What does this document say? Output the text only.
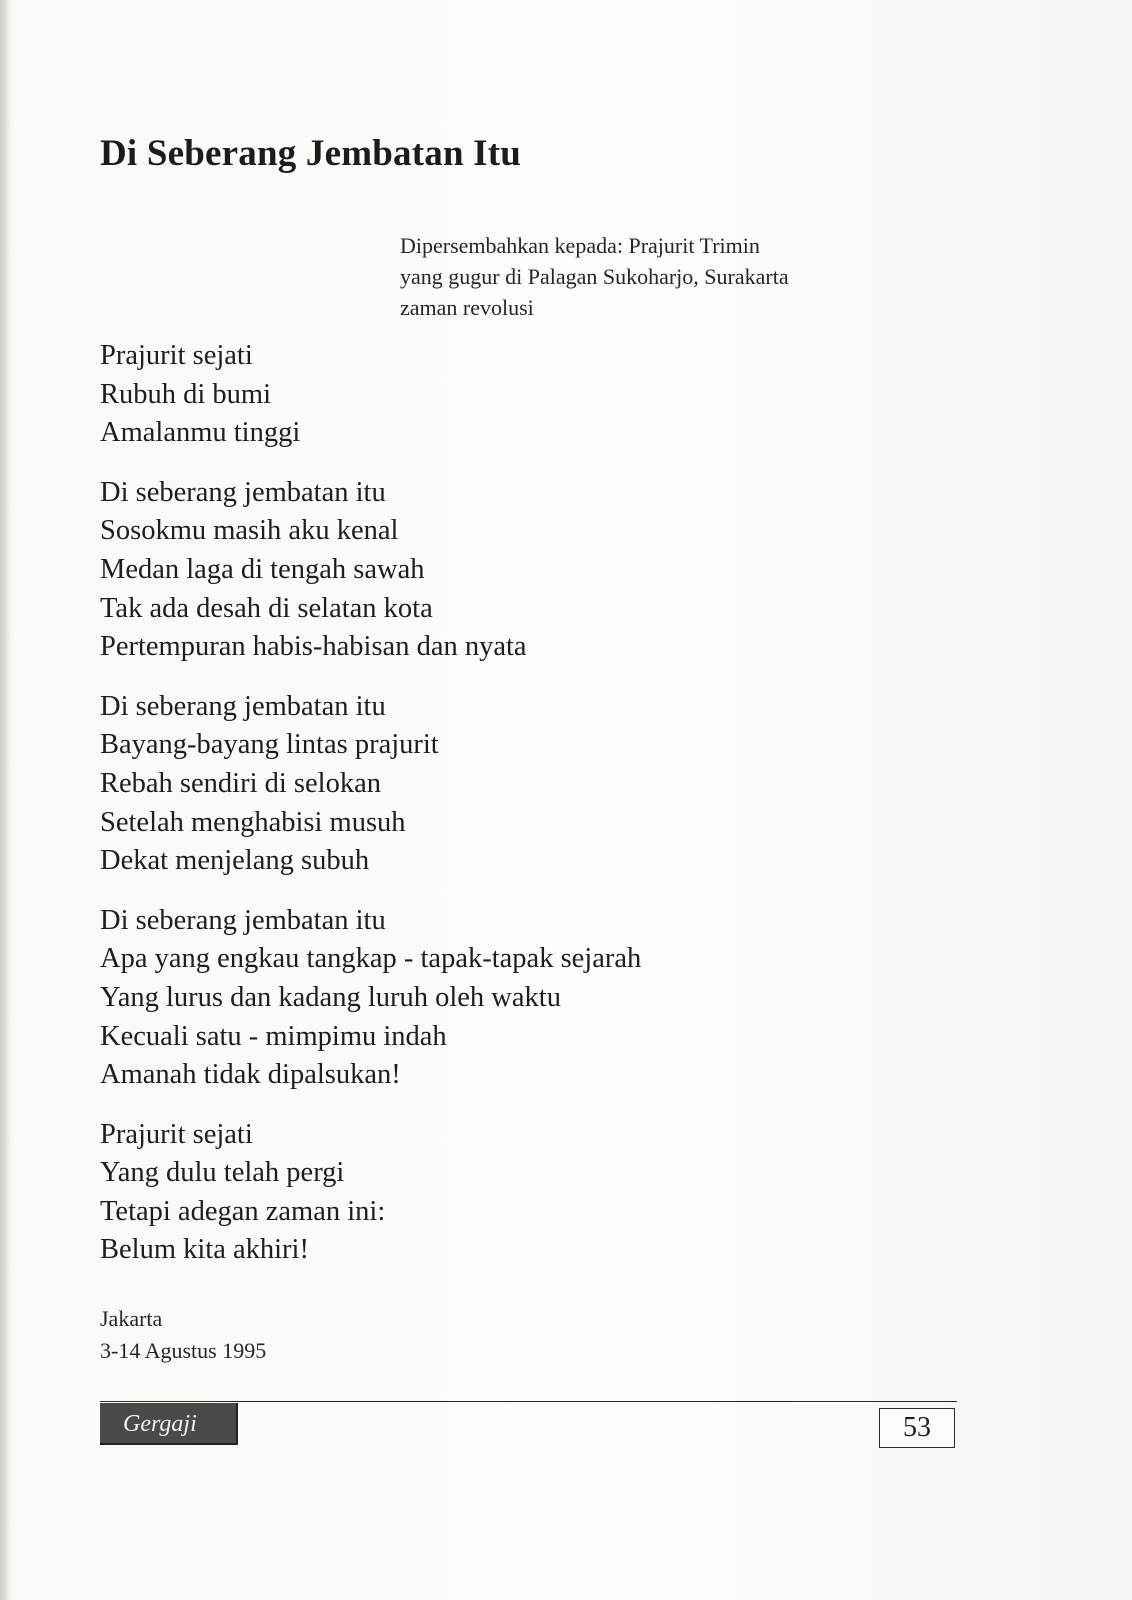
Di Seberang Jembatan Itu
Dipersembahkan kepada: Prajurit Trimin
yang gugur di Palagan Sukoharjo, Surakarta
zaman revolusi
Prajurit sejati
Rubuh di bumi
Amalanmu tinggi
Di seberang jembatan itu
Sosokmu masih aku kenal
Medan laga di tengah sawah
Tak ada desah di selatan kota
Pertempuran habis-habisan dan nyata
Di seberang jembatan itu
Bayang-bayang lintas prajurit
Rebah sendiri di selokan
Setelah menghabisi musuh
Dekat menjelang subuh
Di seberang jembatan itu
Apa yang engkau tangkap - tapak-tapak sejarah
Yang lurus dan kadang luruh oleh waktu
Kecuali satu - mimpimu indah
Amanah tidak dipalsukan!
Prajurit sejati
Yang dulu telah pergi
Tetapi adegan zaman ini:
Belum kita akhiri!
Jakarta
3-14 Agustus 1995
Gergaji	53
